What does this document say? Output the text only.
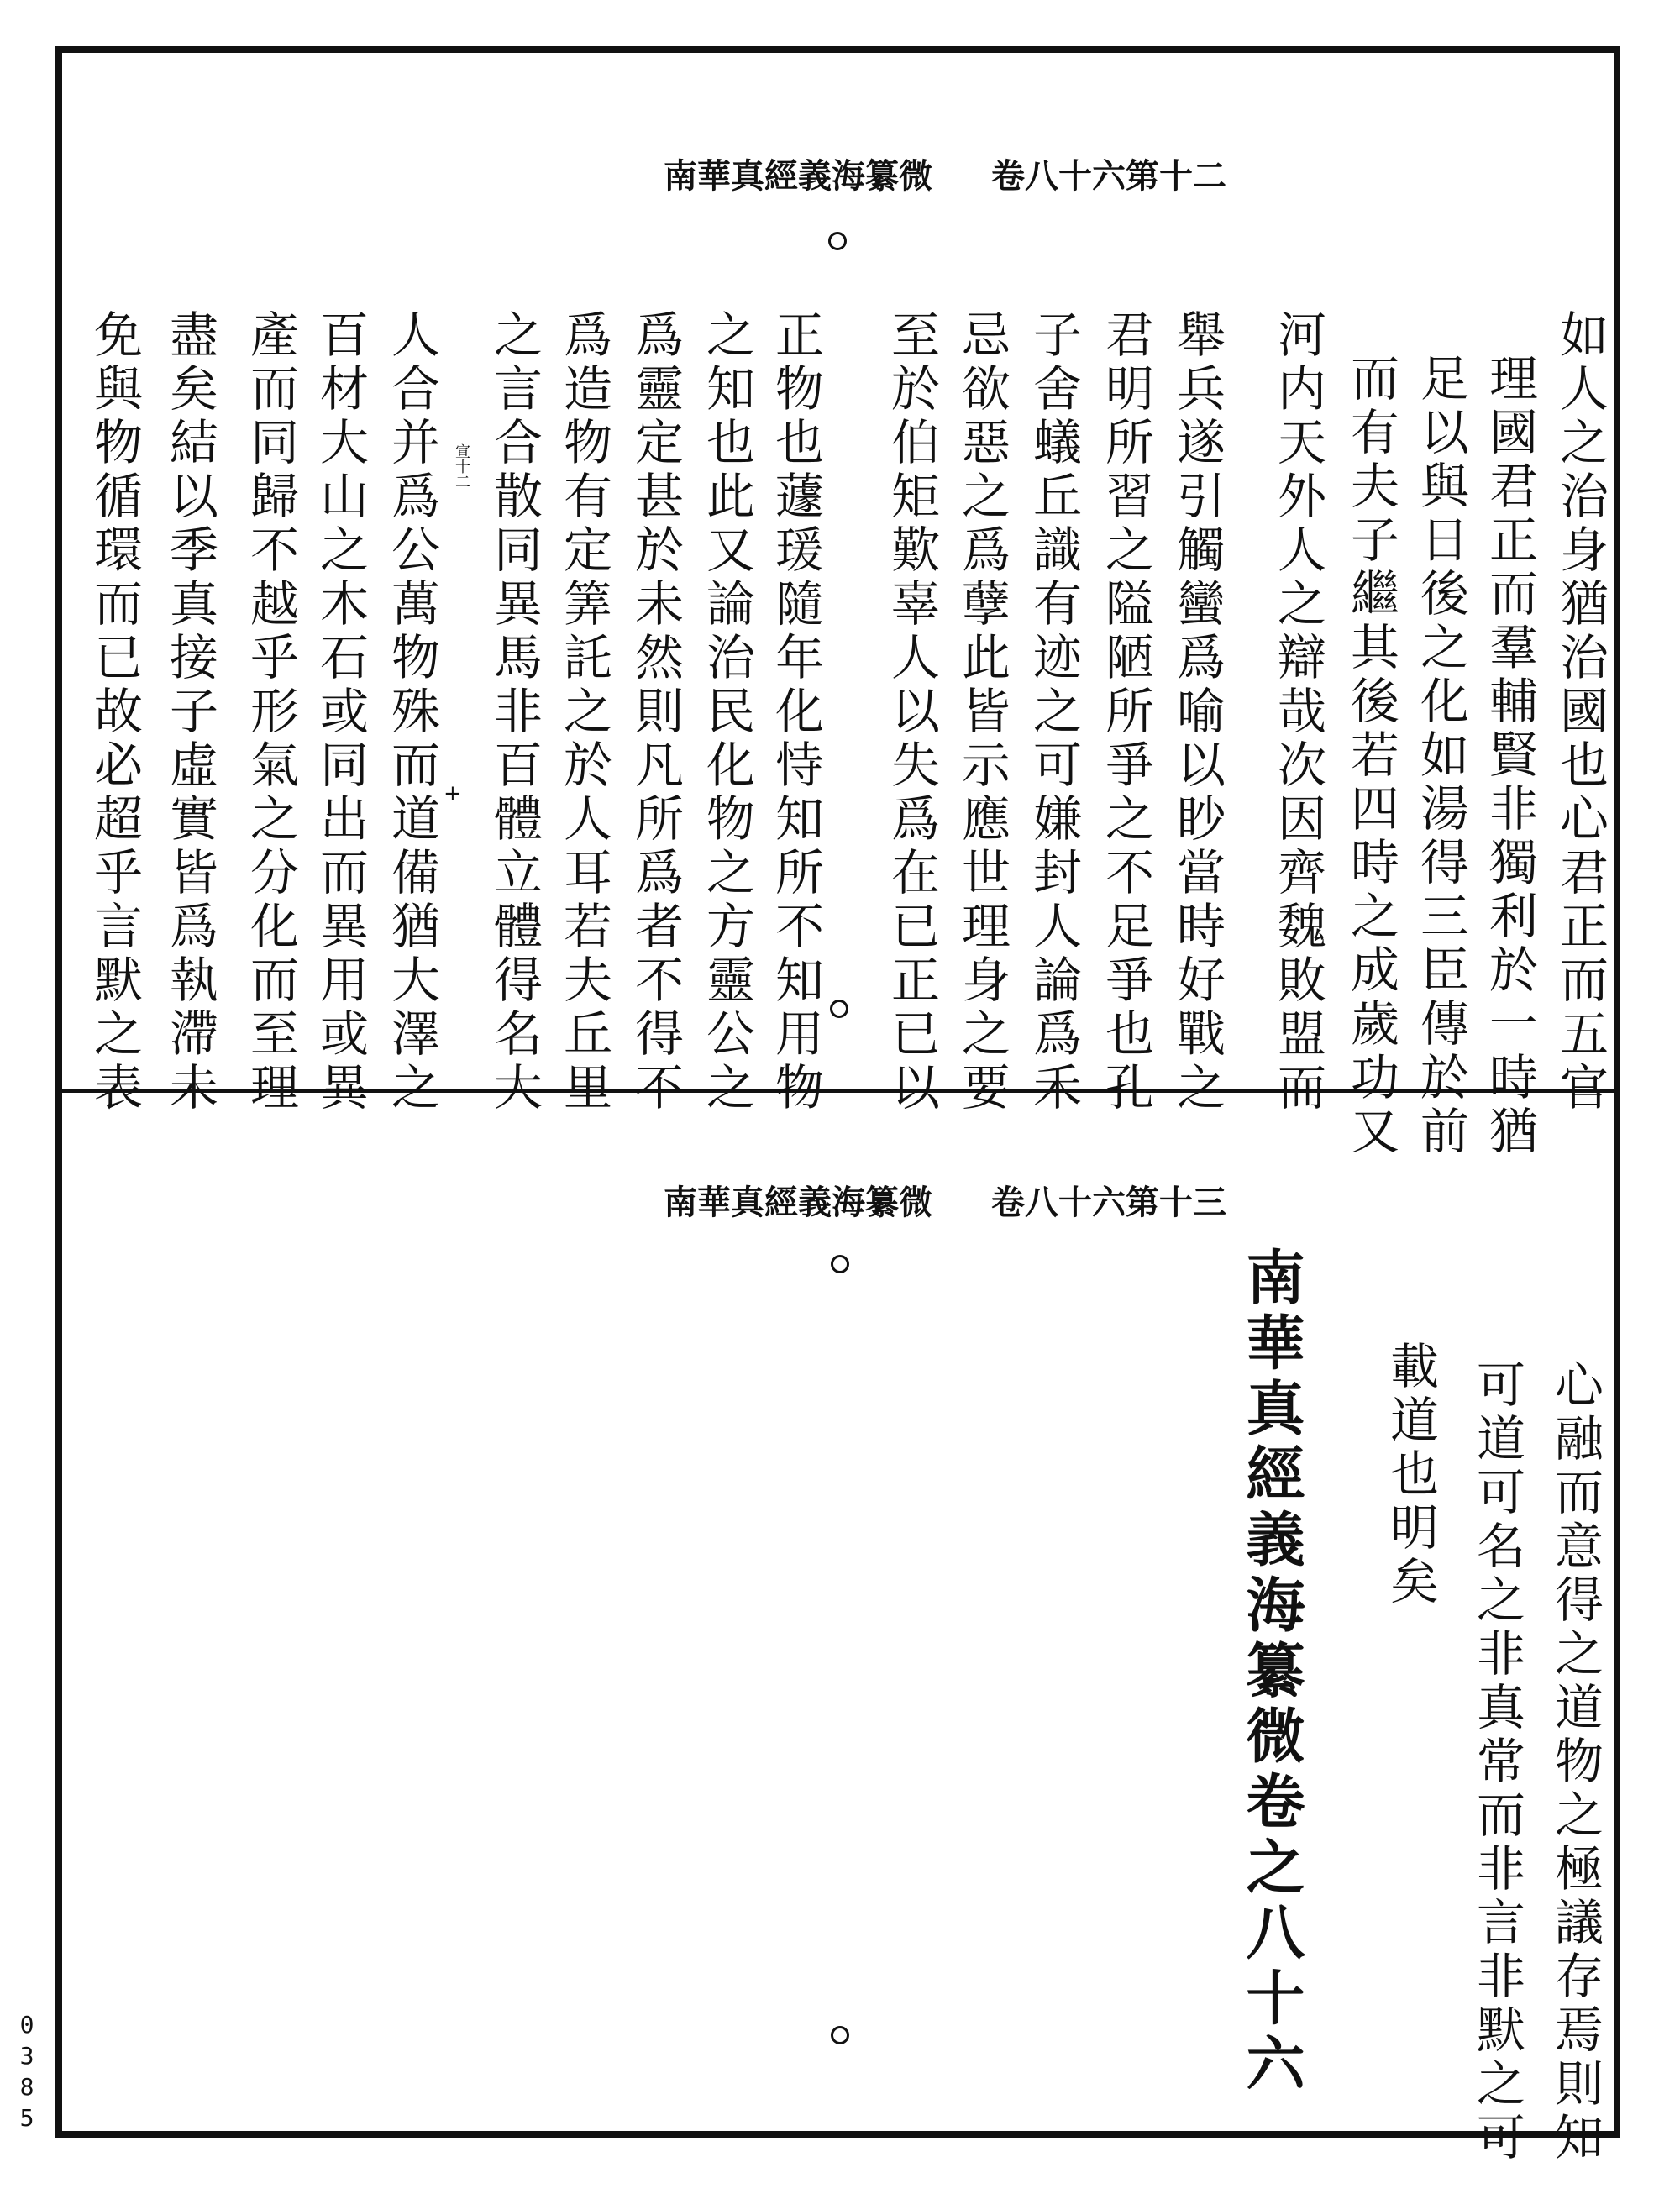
南華真經義海纂微 卷八十六第十二
如人之治身猶治國也心君正而五官
理國君正而羣輔賢非獨利於一時猶
足以與日後之化如湯得三臣傳於前
而有夫子繼其後若四時之成歲功又
河内天外人之辯哉次因齊魏敗盟而
舉兵遂引觸蠻爲喻以眇當時好戰之
君明所習之隘陋所爭之不足爭也孔
子舍蟻丘識有迹之可嫌封人論爲禾
忌欲惡之爲孽此皆示應世理身之要
至於伯矩歎辜人以失爲在已正已以
正物也蘧瑗隨年化恃知所不知用物
之知也此又論治民化物之方靈公之
爲靈定甚於未然則凡所爲者不得不
爲造物有定筭託之於人耳若夫丘里
之言合散同異馬非百體立體得名大
人合并爲公萬物殊而道備猶大澤之
百材大山之木石或同出而異用或異
產而同歸不越乎形氣之分化而至理
盡矣結以季真接子虛實皆爲執滯未
免與物循環而已故必超乎言默之表	宣十二
+
南華真經義海纂微 卷八十六第十三
心融而意得之道物之極議存焉則知
可道可名之非真常而非言非默之可
載道也明矣
南華真經義海纂微卷之八十六
0385
